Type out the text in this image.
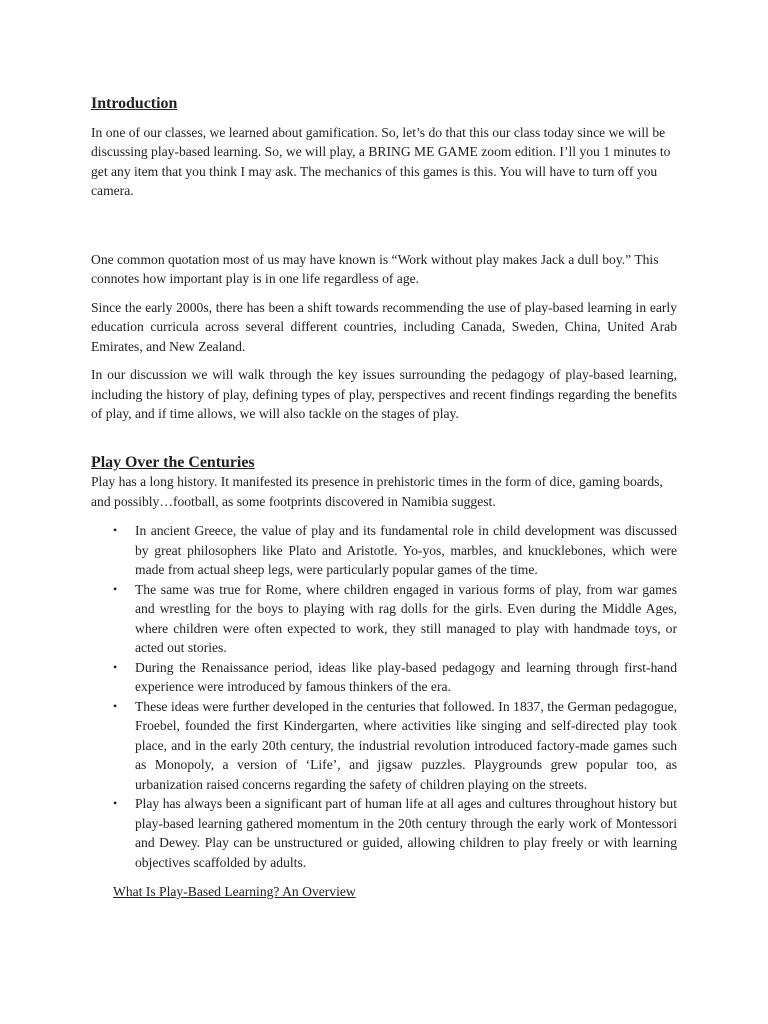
Introduction

In one of our classes, we learned about gamification. So, let’s do that this our class today since we will be discussing play-based learning. So, we will play, a BRING ME GAME zoom edition. I’ll you 1 minutes to get any item that you think I may ask. The mechanics of this games is this. You will have to turn off you camera.

One common quotation most of us may have known is “Work without play makes Jack a dull boy.” This connotes how important play is in one life regardless of age.

Since the early 2000s, there has been a shift towards recommending the use of play-based learning in early education curricula across several different countries, including Canada, Sweden, China, United Arab Emirates, and New Zealand.

In our discussion we will walk through the key issues surrounding the pedagogy of play-based learning, including the history of play, defining types of play, perspectives and recent findings regarding the benefits of play, and if time allows, we will also tackle on the stages of play.

Play Over the Centuries

Play has a long history. It manifested its presence in prehistoric times in the form of dice, gaming boards, and possibly…football, as some footprints discovered in Namibia suggest.

• In ancient Greece, the value of play and its fundamental role in child development was discussed by great philosophers like Plato and Aristotle. Yo-yos, marbles, and knucklebones, which were made from actual sheep legs, were particularly popular games of the time.
• The same was true for Rome, where children engaged in various forms of play, from war games and wrestling for the boys to playing with rag dolls for the girls. Even during the Middle Ages, where children were often expected to work, they still managed to play with handmade toys, or acted out stories.
• During the Renaissance period, ideas like play-based pedagogy and learning through first-hand experience were introduced by famous thinkers of the era.
• These ideas were further developed in the centuries that followed. In 1837, the German pedagogue, Froebel, founded the first Kindergarten, where activities like singing and self-directed play took place, and in the early 20th century, the industrial revolution introduced factory-made games such as Monopoly, a version of ‘Life’, and jigsaw puzzles. Playgrounds grew popular too, as urbanization raised concerns regarding the safety of children playing on the streets.
• Play has always been a significant part of human life at all ages and cultures throughout history but play-based learning gathered momentum in the 20th century through the early work of Montessori and Dewey. Play can be unstructured or guided, allowing children to play freely or with learning objectives scaffolded by adults.

What Is Play-Based Learning? An Overview
